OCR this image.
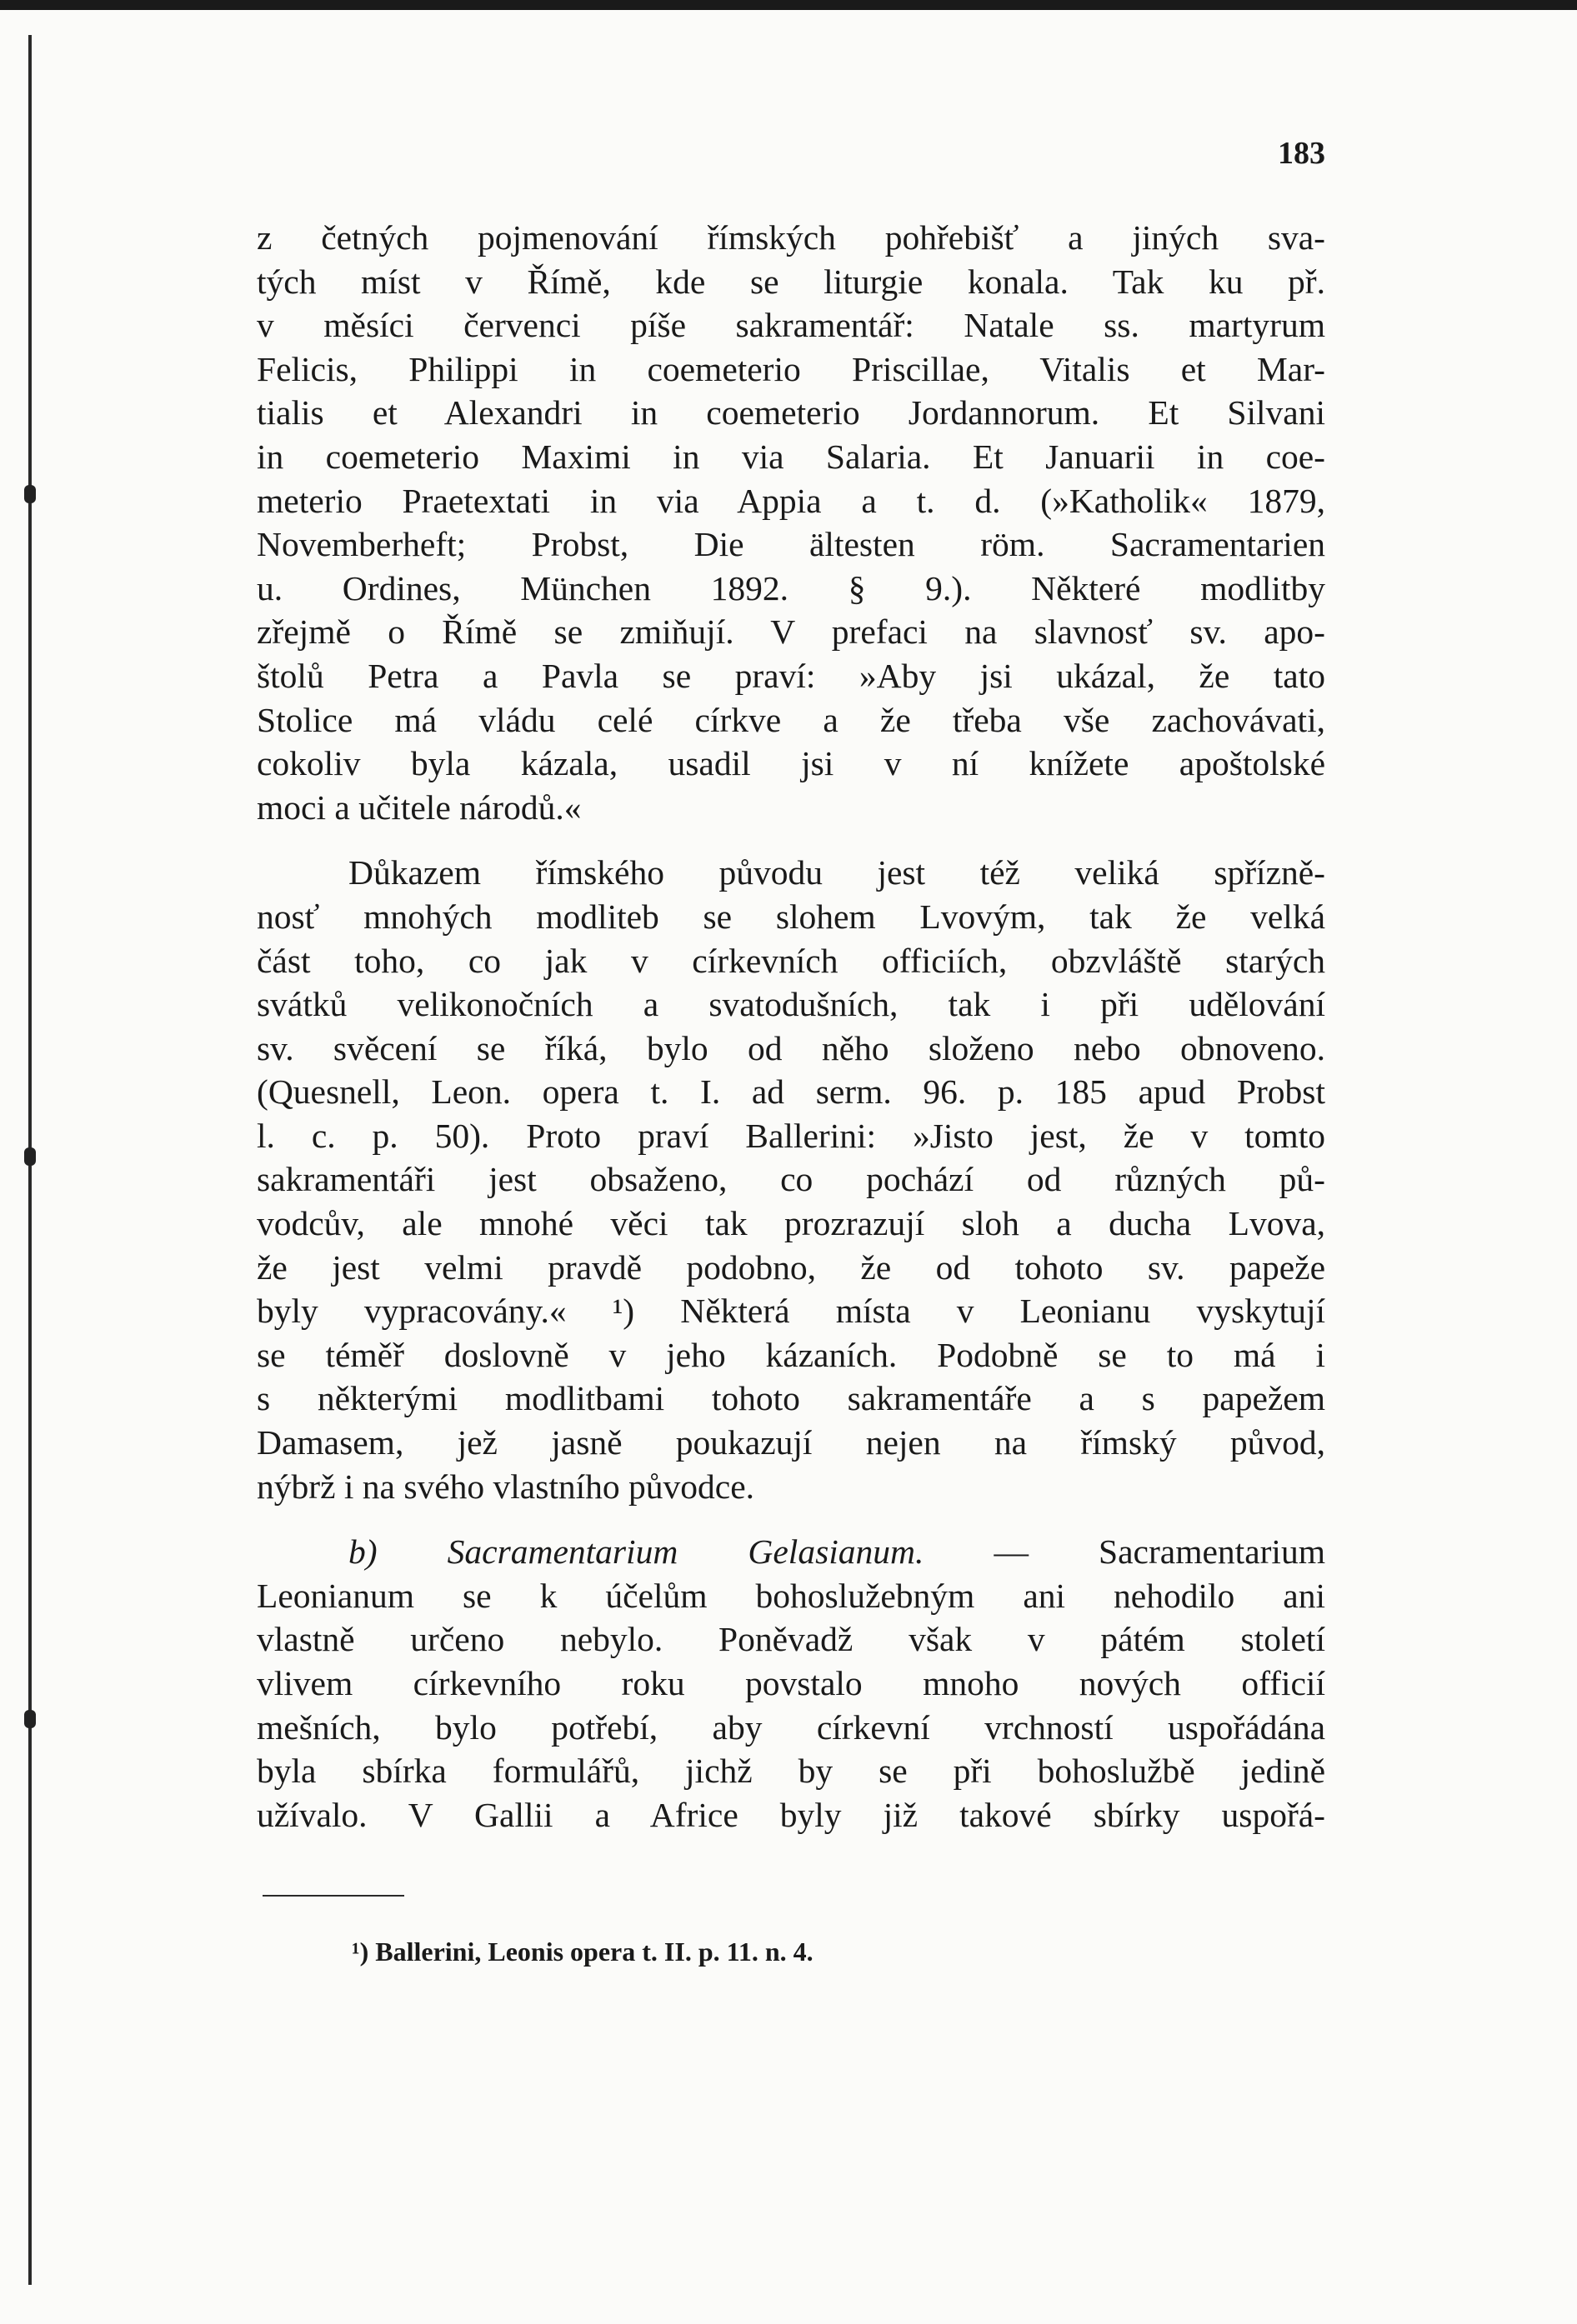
183
z četných pojmenování římských pohřebišť a jiných sva-
tých míst v Římě, kde se liturgie konala. Tak ku př.
v měsíci červenci píše sakramentář: Natale ss. martyrum
Felicis, Philippi in coemeterio Priscillae, Vitalis et Mar-
tialis et Alexandri in coemeterio Jordannorum. Et Silvani
in coemeterio Maximi in via Salaria. Et Januarii in coe-
meterio Praetextati in via Appia a t. d. (»Katholik« 1879,
Novemberheft; Probst, Die ältesten röm. Sacramentarien
u. Ordines, München 1892. § 9.). Některé modlitby
zřejmě o Římě se zmiňují. V prefaci na slavnosť sv. apo-
štolů Petra a Pavla se praví: »Aby jsi ukázal, že tato
Stolice má vládu celé církve a že třeba vše zachovávati,
cokoliv byla kázala, usadil jsi v ní knížete apoštolské
moci a učitele národů.«
Důkazem římského původu jest též veliká spřízně-
nosť mnohých modliteb se slohem Lvovým, tak že velká
část toho, co jak v církevních officiích, obzvláště starých
svátků velikonočních a svatodušních, tak i při udělování
sv. svěcení se říká, bylo od něho složeno nebo obnoveno.
(Quesnell, Leon. opera t. I. ad serm. 96. p. 185 apud Probst
l. c. p. 50). Proto praví Ballerini: »Jisto jest, že v tomto
sakramentáři jest obsaženo, co pochází od různých pů-
vodcův, ale mnohé věci tak prozrazují sloh a ducha Lvova,
že jest velmi pravdě podobno, že od tohoto sv. papeže
byly vypracovány.« ¹) Některá místa v Leonianu vyskytují
se téměř doslovně v jeho kázaních. Podobně se to má i
s některými modlitbami tohoto sakramentáře a s papežem
Damasem, jež jasně poukazují nejen na římský původ,
nýbrž i na svého vlastního původce.
b) Sacramentarium Gelasianum. — Sacramentarium
Leonianum se k účelům bohoslužebným ani nehodilo ani
vlastně určeno nebylo. Poněvadž však v pátém století
vlivem církevního roku povstalo mnoho nových officií
mešních, bylo potřebí, aby církevní vrchností uspořádána
byla sbírka formulářů, jichž by se při bohoslužbě jedině
užívalo. V Gallii a Africe byly již takové sbírky uspořá-
¹) Ballerini, Leonis opera t. II. p. 11. n. 4.
